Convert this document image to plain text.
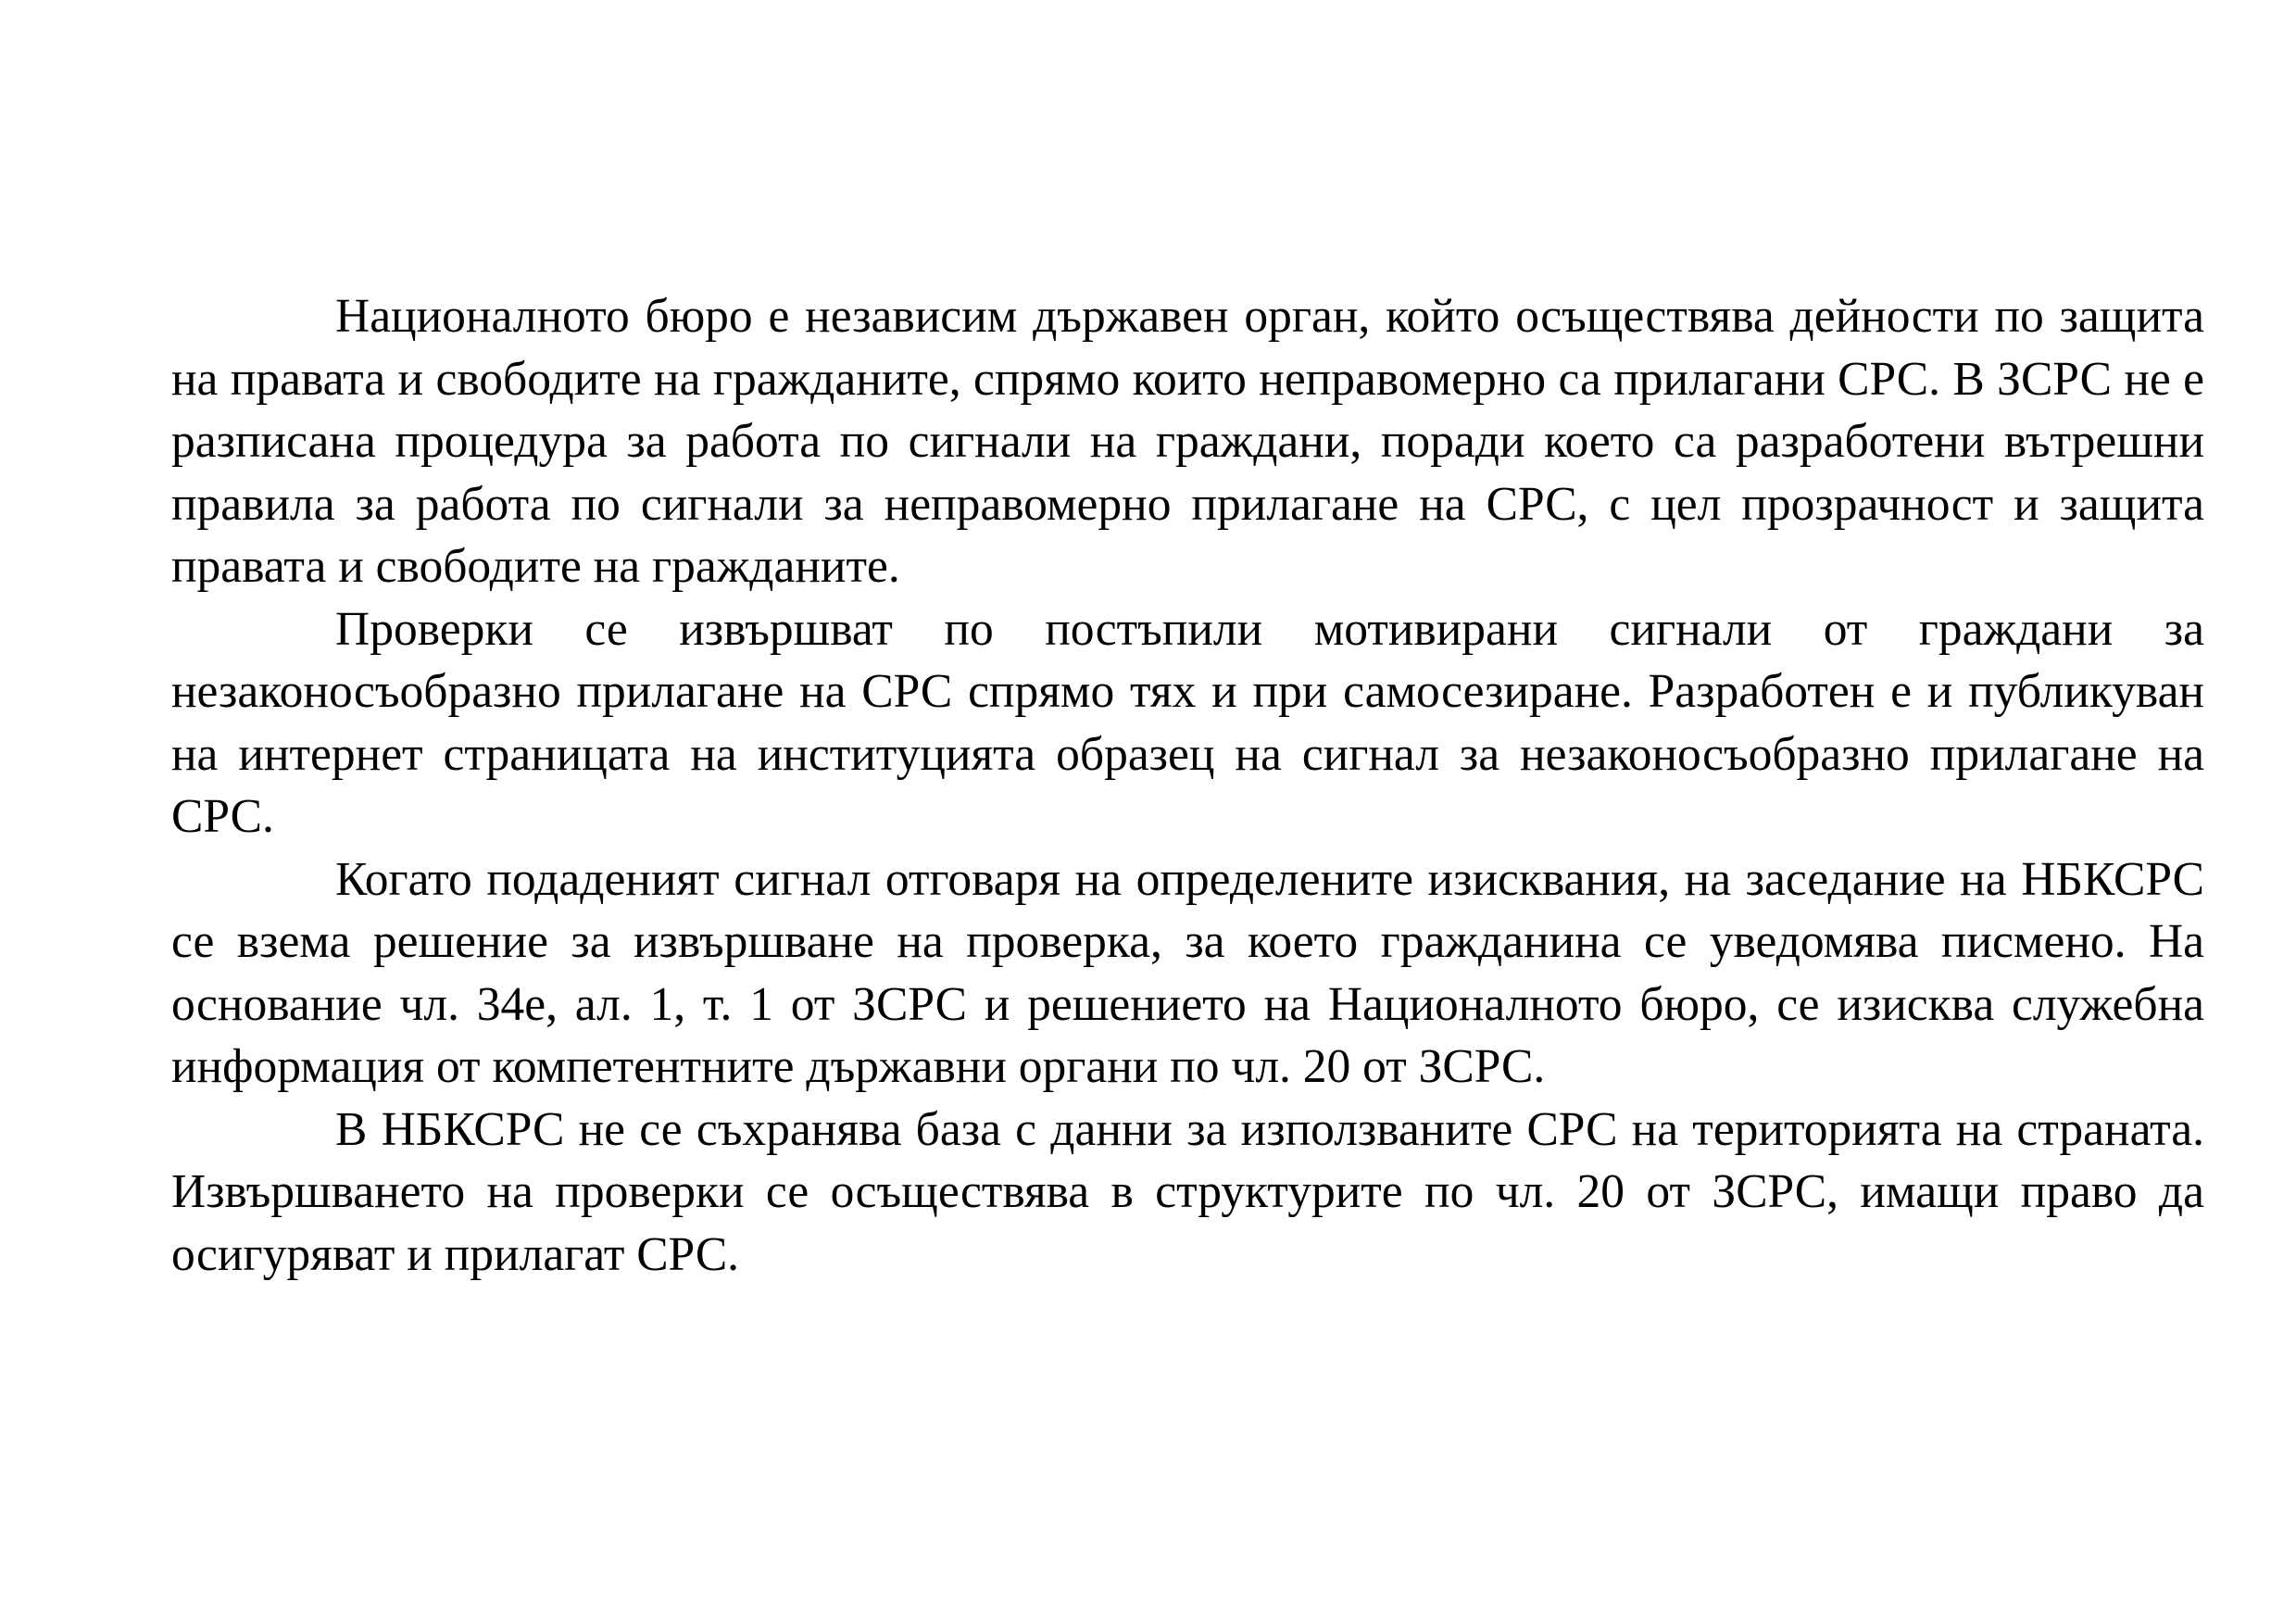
Националното бюро е независим държавен орган, който осъществява дейности по защита на правата и свободите на гражданите, спрямо които неправомерно са прилагани СРС. В ЗСРС не е разписана процедура за работа по сигнали на граждани, поради което са разработени вътрешни правила за работа по сигнали за неправомерно прилагане на СРС, с цел прозрачност и защита правата и свободите на гражданите.

Проверки се извършват по постъпили мотивирани сигнали от граждани за незаконосъобразно прилагане на СРС спрямо тях и при самосезиране. Разработен е и публикуван на интернет страницата на институцията образец на сигнал за незаконосъобразно прилагане на СРС.

Когато подаденият сигнал отговаря на определените изисквания, на заседание на НБКСРС се взема решение за извършване на проверка, за което гражданина се уведомява писмено. На основание чл. 34е, ал. 1, т. 1 от ЗСРС и решението на Националното бюро, се изисква служебна информация от компетентните държавни органи по чл. 20 от ЗСРС.

В НБКСРС не се съхранява база с данни за използваните СРС на територията на страната. Извършването на проверки се осъществява в структурите по чл. 20 от ЗСРС, имащи право да осигуряват и прилагат СРС.
